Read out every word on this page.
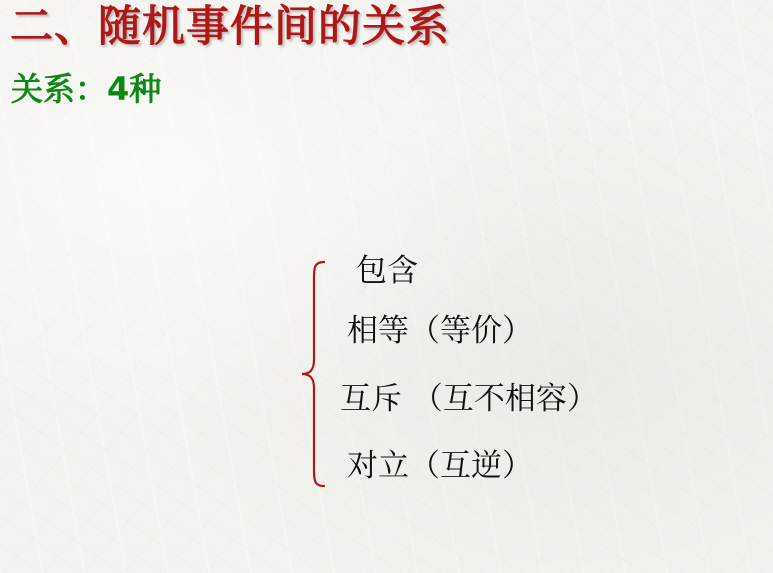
二、随机事件间的关系
关系：4种
包含
相等（等价）
互斥 （互不相容）
对立（互逆）
